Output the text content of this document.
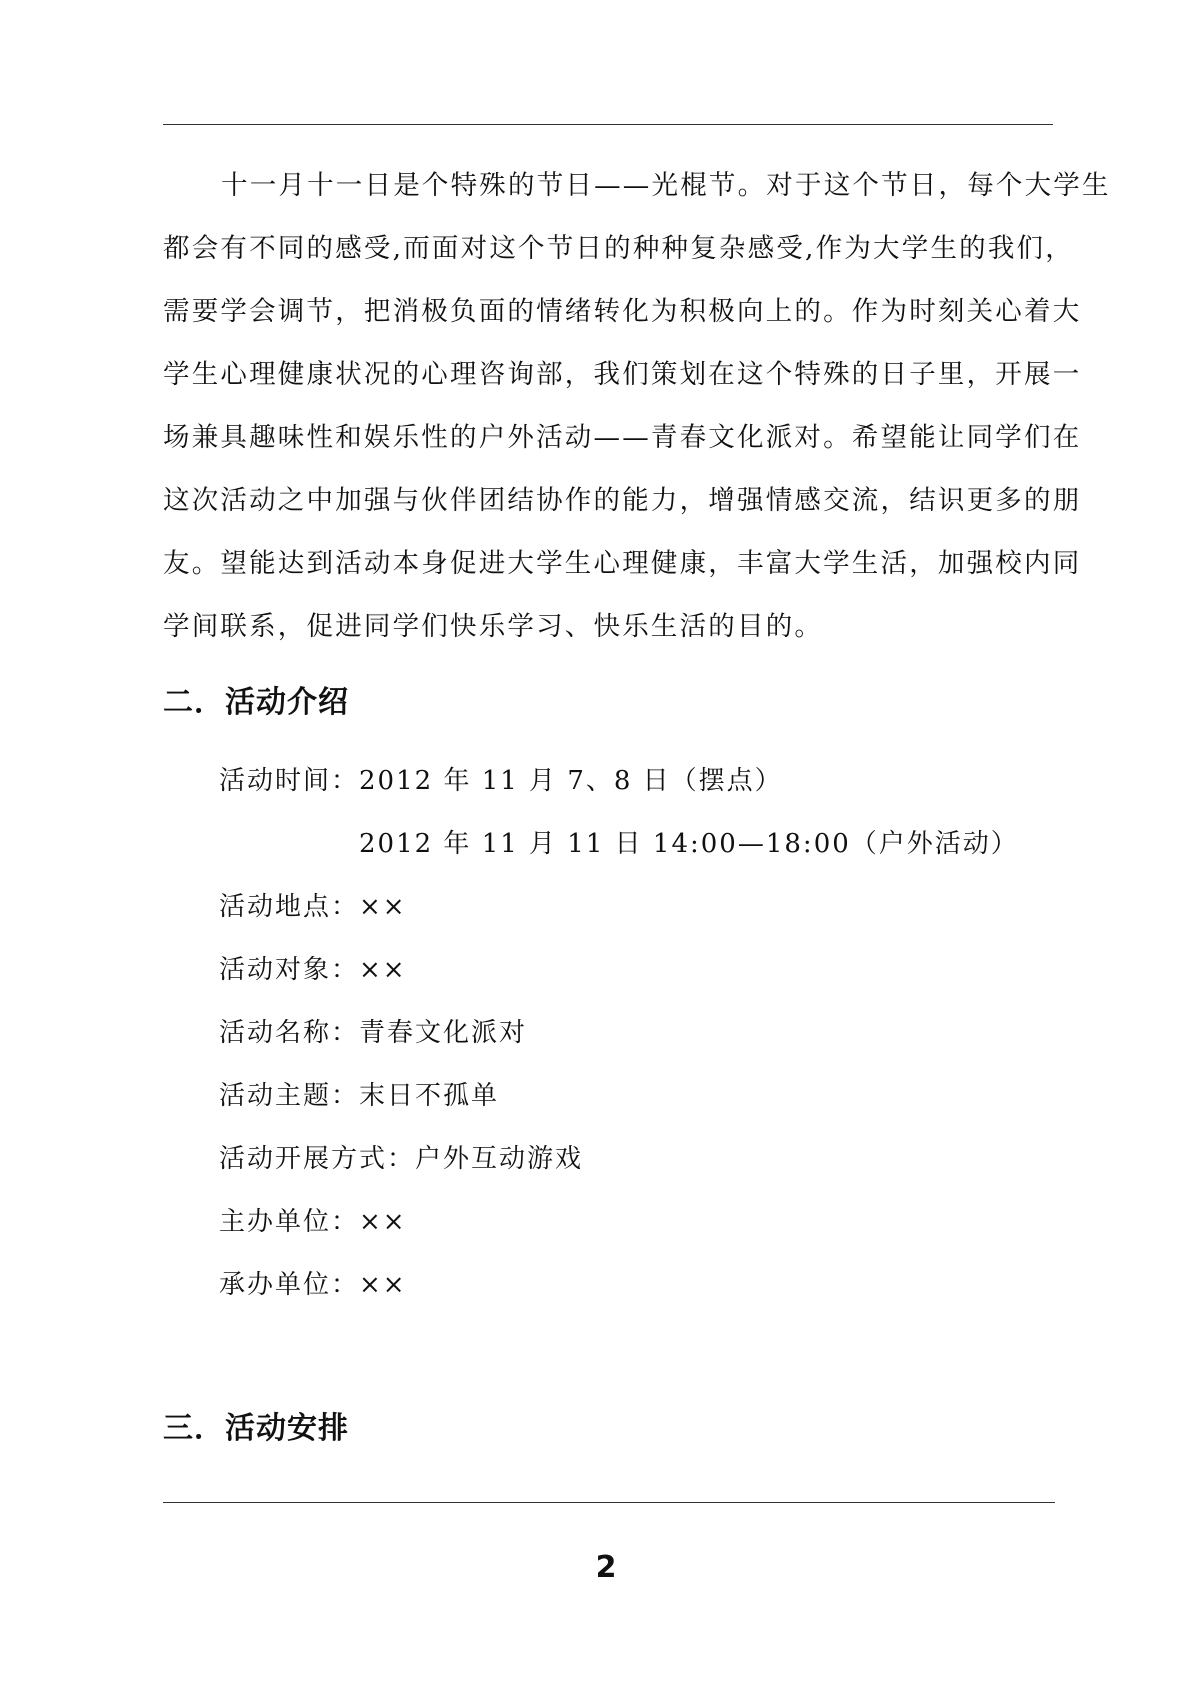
十一月十一日是个特殊的节日——光棍节。对于这个节日，每个大学生
都会有不同的感受,而面对这个节日的种种复杂感受,作为大学生的我们，
需要学会调节，把消极负面的情绪转化为积极向上的。作为时刻关心着大
学生心理健康状况的心理咨询部，我们策划在这个特殊的日子里，开展一
场兼具趣味性和娱乐性的户外活动——青春文化派对。希望能让同学们在
这次活动之中加强与伙伴团结协作的能力，增强情感交流，结识更多的朋
友。望能达到活动本身促进大学生心理健康，丰富大学生活，加强校内同
学间联系，促进同学们快乐学习、快乐生活的目的。
二．活动介绍
活动时间：2012 年 11 月 7、8 日（摆点）
2012 年 11 月 11 日 14:00—18:00（户外活动）
活动地点：××
活动对象：××
活动名称：青春文化派对
活动主题：末日不孤单
活动开展方式：户外互动游戏
主办单位：××
承办单位：××
三．活动安排
2
